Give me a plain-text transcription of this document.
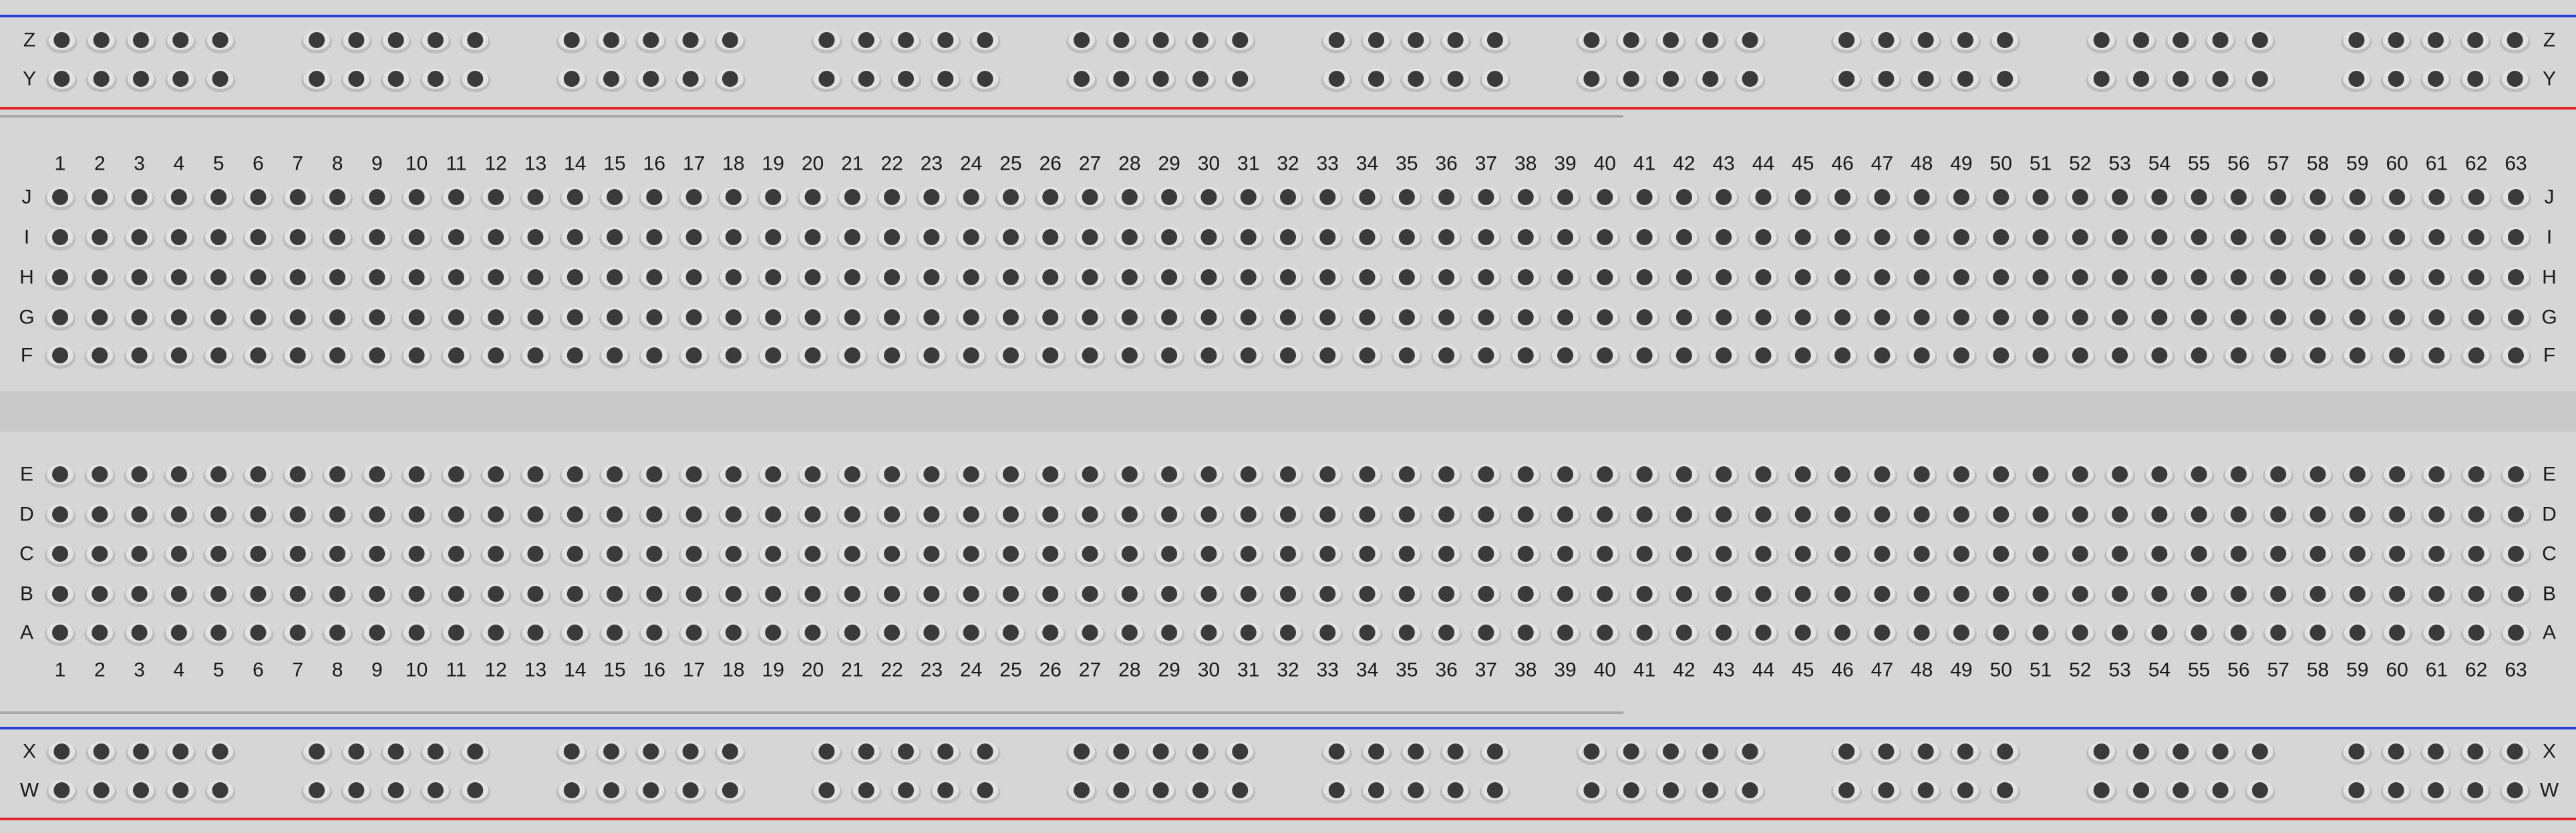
1 2 3 4 5 6 7 8 9 10 11 12 13 14 15 16 17 18 19 20 21 22 23 24 25 26 27 28 29 30 31 32 33 34 35 36 37 38 39 40 41 42 43 44 45 46 47 48 49 50 51 52 53 54 55 56 57 58 59 60 61 62 63
1 2 3 4 5 6 7 8 9 10 11 12 13 14 15 16 17 18 19 20 21 22 23 24 25 26 27 28 29 30 31 32 33 34 35 36 37 38 39 40 41 42 43 44 45 46 47 48 49 50 51 52 53 54 55 56 57 58 59 60 61 62 63
J	J
I	I
H	H
G	G
F	F
E	E
D	D
C	C
B	B
A	A
Z	Z
Y	Y
X	X
W	W
